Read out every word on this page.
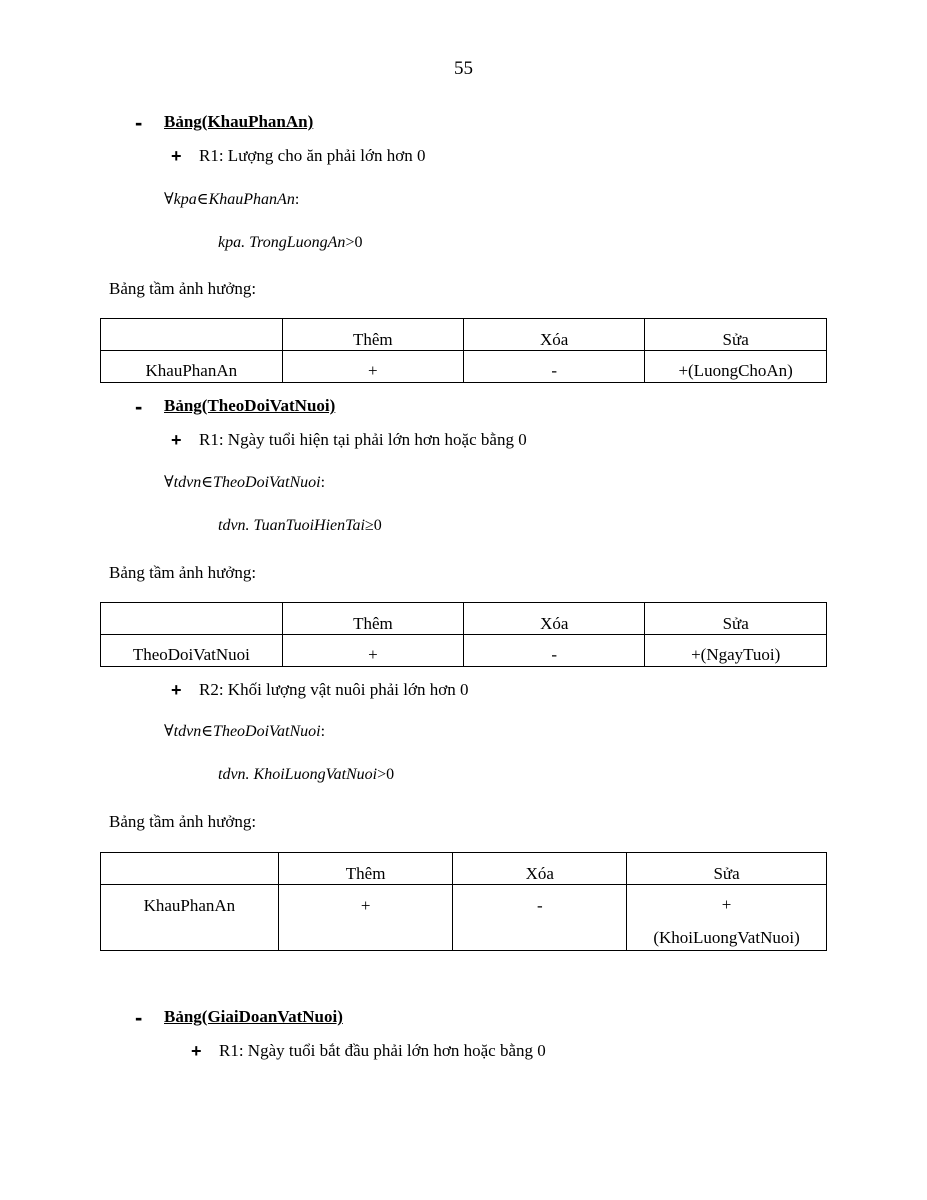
55
- Bảng(KhauPhanAn)
+ R1: Lượng cho ăn phải lớn hơn 0
∀kpa∈KhauPhanAn:
kpa. TrongLuongAn>0
Bảng tầm ảnh hưởng:

	Thêm	Xóa	Sửa

KhauPhanAn	+	-	+(LuongChoAn)
- Bảng(TheoDoiVatNuoi)
+ R1: Ngày tuổi hiện tại phải lớn hơn hoặc bằng 0
∀tdvn∈TheoDoiVatNuoi:
tdvn. TuanTuoiHienTai≥0
Bảng tầm ảnh hưởng:

	Thêm	Xóa	Sửa

TheoDoiVatNuoi	+	-	+(NgayTuoi)
+ R2: Khối lượng vật nuôi phải lớn hơn 0
∀tdvn∈TheoDoiVatNuoi:
tdvn. KhoiLuongVatNuoi>0
Bảng tầm ảnh hưởng:

	Thêm	Xóa	Sửa

KhauPhanAn	+	-	+
(KhoiLuongVatNuoi)
- Bảng(GiaiDoanVatNuoi)
+ R1: Ngày tuổi bắt đầu phải lớn hơn hoặc bằng 0
